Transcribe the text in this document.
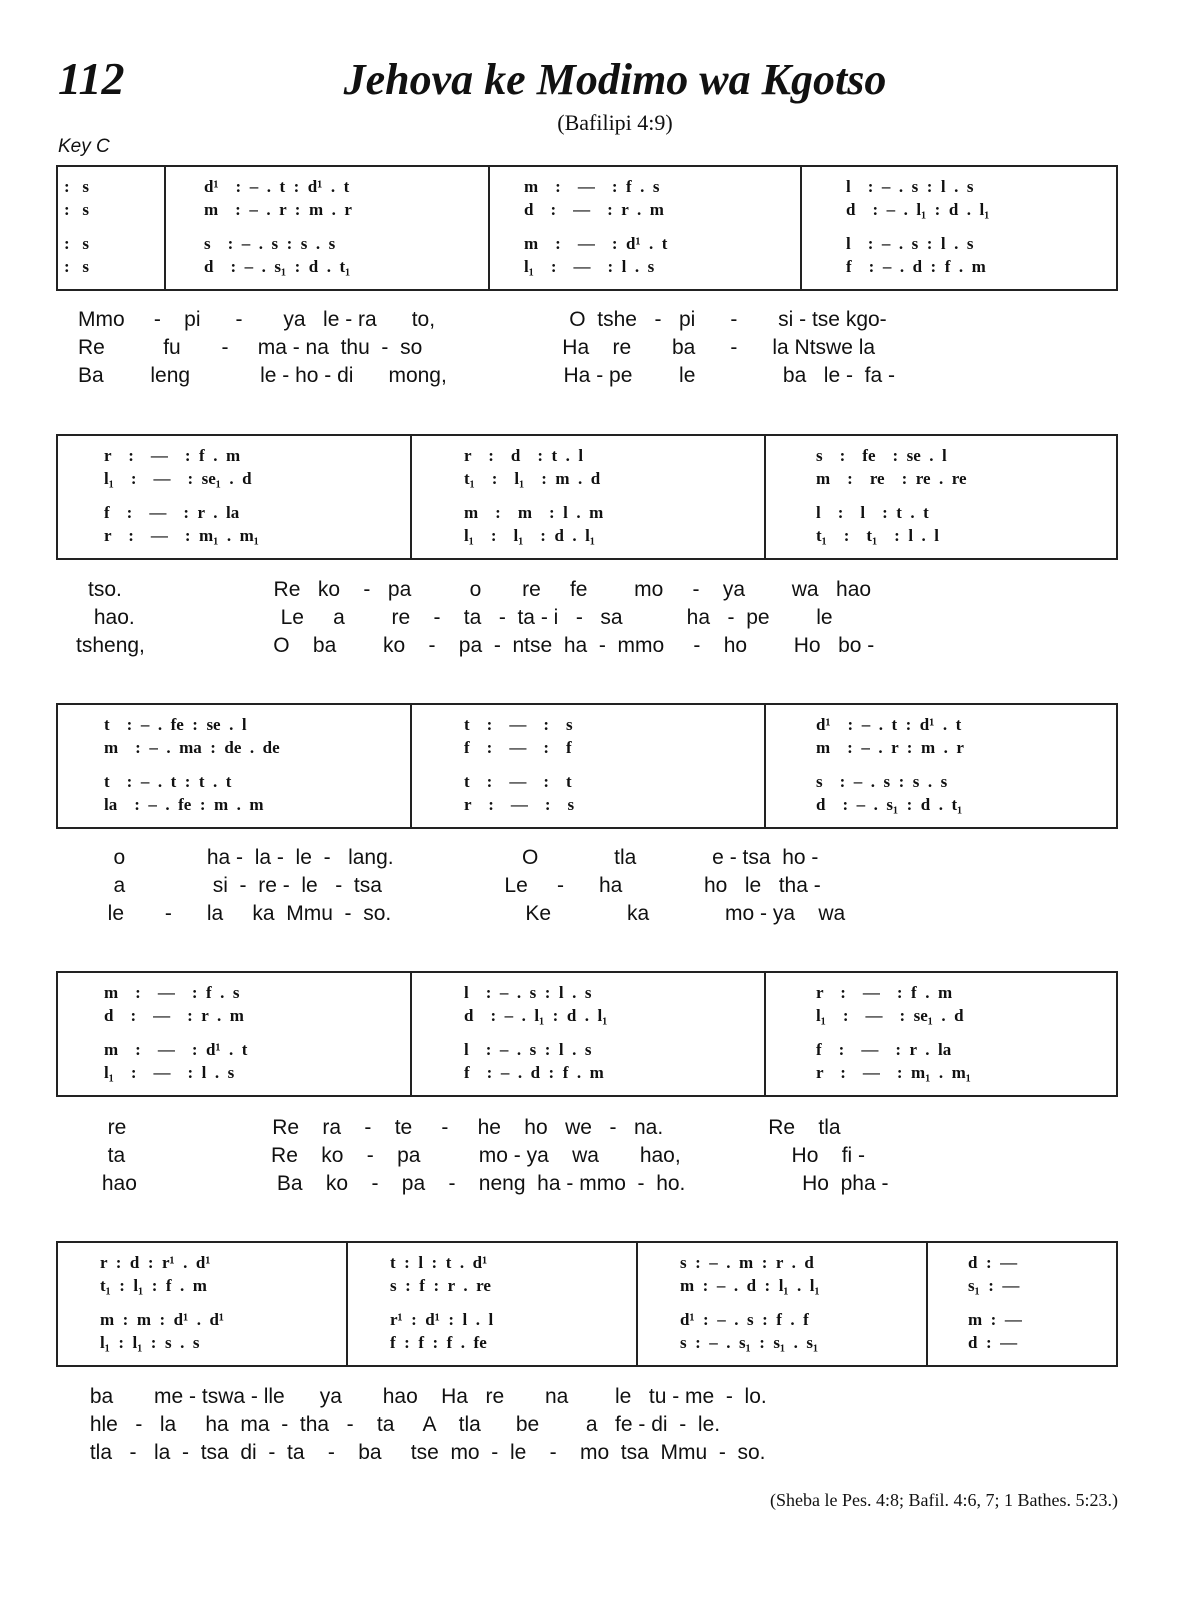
112	Jehova ke Modimo wa Kgotso
(Bafilipi 4:9)
Key C
:   s	d¹    :  –  .  t  :  d¹  .  t	m    :    —    :  f  .  s	l    :  –  .  s  :  l  .  s
:   s	m    :  –  .  r  :  m  .  r	d    :    —    :  r  .  m	d    :  –  .  l₁  :  d  .  l₁
:   s	s    :  –  .  s  :  s  .  s	m    :    —    :  d¹  .  t	l    :  –  .  s  :  l  .  s
:   s	d    :  –  .  s₁  :  d  .  t₁	l₁    :    —    :  l  .  s	f    :  –  .  d  :  f  .  m
Mmo     -    pi      -       ya   le - ra      to,                       O  tshe   -   pi      -       si - tse kgo-
Re          fu       -     ma - na  thu  -  so                        Ha    re       ba      -      la Ntswe la
Ba        leng            le - ho - di      mong,                    Ha - pe        le               ba   le -  fa -
r    :    —    :  f  .  m	r    :    d    :  t  .  l	s    :    fe    :  se  .  l
l₁    :    —    :  se₁  .  d	t₁    :    l₁    :  m  .  d	m    :    re    :  re  .  re
f    :    —    :  r  .  la	m    :    m    :  l  .  m	l    :    l    :  t  .  t
r    :    —    :  m₁  .  m₁	l₁    :    l₁    :  d  .  l₁	t₁    :    t₁    :  l  .  l
tso.                          Re   ko    -   pa          o       re     fe        mo     -    ya        wa   hao
hao.                         Le     a        re    -    ta   -  ta - i   -   sa           ha   -  pe        le
tsheng,                      O    ba        ko    -    pa  -  ntse  ha  -  mmo     -    ho        Ho   bo -
t    :  –  .  fe  :  se  .  l	t    :    —    :    s	d¹    :  –  .  t  :  d¹  .  t
m    :  –  .  ma  :  de  .  de	f    :    —    :    f	m    :  –  .  r  :  m  .  r
t    :  –  .  t  :  t  .  t	t    :    —    :    t	s    :  –  .  s  :  s  .  s
la    :  –  .  fe  :  m  .  m	r    :    —    :    s	d    :  –  .  s₁  :  d  .  t₁
o              ha -  la -  le  -   lang.                      O             tla             e - tsa  ho -
a               si  -  re -  le   -  tsa                     Le     -      ha              ho   le   tha -
le       -      la     ka  Mmu  -  so.                       Ke             ka             mo - ya    wa
m    :    —    :  f  .  s	l    :  –  .  s  :  l  .  s	r    :    —    :  f  .  m
d    :    —    :  r  .  m	d    :  –  .  l₁  :  d  .  l₁	l₁    :    —    :  se₁  .  d
m    :    —    :  d¹  .  t	l    :  –  .  s  :  l  .  s	f    :    —    :  r  .  la
l₁    :    —    :  l  .  s	f    :  –  .  d  :  f  .  m	r    :    —    :  m₁  .  m₁
re                         Re    ra    -    te     -     he    ho   we   -   na.                  Re    tla
ta                         Re    ko    -    pa          mo - ya    wa       hao,                   Ho    fi -
hao                        Ba    ko    -    pa    -    neng  ha - mmo  -  ho.                    Ho  pha -
r  :  d  :  r¹  .  d¹	t  :  l  :  t  .  d¹	s  :  –  .  m  :  r  .  d	d  :  —
t₁  :  l₁  :  f  .  m	s  :  f  :  r  .  re	m  :  –  .  d  :  l₁  .  l₁	s₁  :  —
m  :  m  :  d¹  .  d¹	r¹  :  d¹  :  l  .  l	d¹  :  –  .  s  :  f  .  f	m  :  —
l₁  :  l₁  :  s  .  s	f  :  f  :  f  .  fe	s  :  –  .  s₁  :  s₁  .  s₁	d  :  —
ba       me - tswa - lle      ya       hao    Ha   re       na        le   tu - me  -  lo.
hle   -   la     ha  ma  -  tha   -    ta     A    tla      be        a   fe - di  -  le.
tla   -   la  -  tsa  di  -  ta    -    ba     tse  mo  -  le    -    mo  tsa  Mmu  -  so.
(Sheba le Pes. 4:8; Bafil. 4:6, 7; 1 Bathes. 5:23.)
